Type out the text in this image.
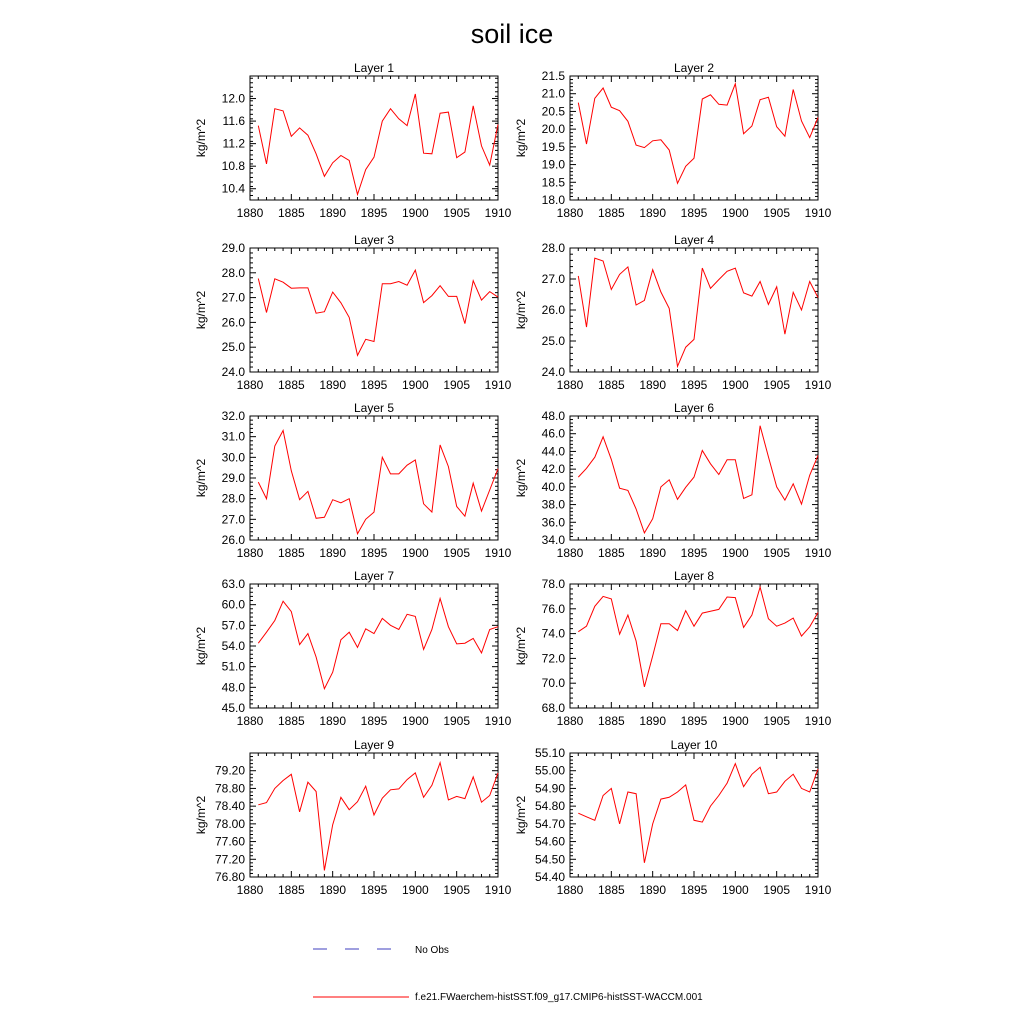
soil ice
Layer 1
kg/m^2
1880 1885 1890 1895 1900 1905 1910
10.4
10.8
11.2
11.6
12.0
Layer 2
kg/m^2
1880 1885 1890 1895 1900 1905 1910
18.0
18.5
19.0
19.5
20.0
20.5
21.0
21.5
Layer 3
kg/m^2
1880 1885 1890 1895 1900 1905 1910
24.0
25.0
26.0
27.0
28.0
29.0
Layer 4
kg/m^2
1880 1885 1890 1895 1900 1905 1910
24.0
25.0
26.0
27.0
28.0
Layer 5
kg/m^2
1880 1885 1890 1895 1900 1905 1910
26.0
27.0
28.0
29.0
30.0
31.0
32.0
Layer 6
kg/m^2
1880 1885 1890 1895 1900 1905 1910
34.0
36.0
38.0
40.0
42.0
44.0
46.0
48.0
Layer 7
kg/m^2
1880 1885 1890 1895 1900 1905 1910
45.0
48.0
51.0
54.0
57.0
60.0
63.0
Layer 8
kg/m^2
1880 1885 1890 1895 1900 1905 1910
68.0
70.0
72.0
74.0
76.0
78.0
Layer 9
kg/m^2
1880 1885 1890 1895 1900 1905 1910
76.80
77.20
77.60
78.00
78.40
78.80
79.20
Layer 10
kg/m^2
1880 1885 1890 1895 1900 1905 1910
54.40
54.50
54.60
54.70
54.80
54.90
55.00
55.10
No Obs
f.e21.FWaerchem-histSST.f09_g17.CMIP6-histSST-WACCM.001
